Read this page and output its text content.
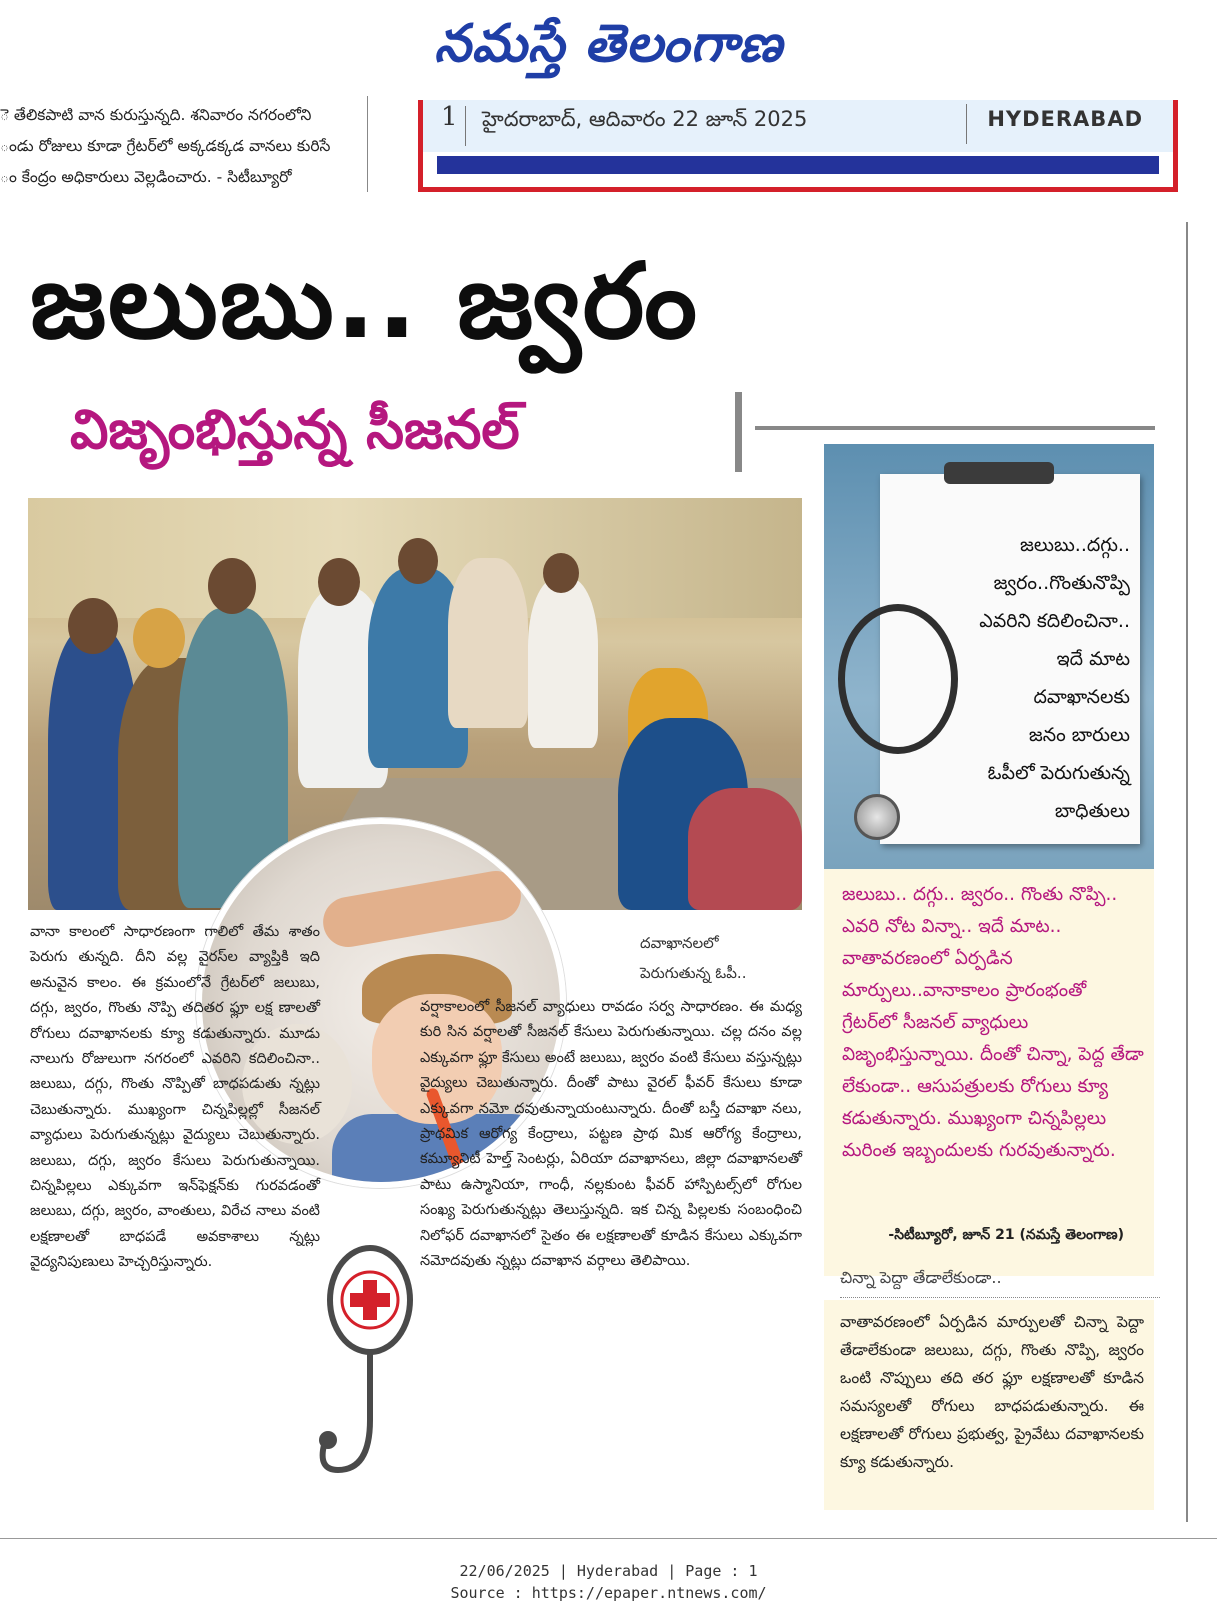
నమస్తే తెలంగాణ
ె తేలికపాటి వాన కురుస్తున్నది. శనివారం నగరంలోని
ండు రోజులు కూడా గ్రేటర్‌లో అక్కడక్కడ వానలు కురిసే
ం కేంద్రం అధికారులు వెల్లడించారు. - సిటీబ్యూరో
1	హైదరాబాద్, ఆదివారం 22 జూన్ 2025	HYDERABAD
జలుబు.. జ్వరం
విజృంభిస్తున్న సీజనల్
జలుబు..దగ్గు..
జ్వరం..గొంతునొప్పి
ఎవరిని కదిలించినా..
ఇదే మాట
దవాఖానలకు
జనం బారులు
ఓపీలో పెరుగుతున్న
బాధితులు

జలుబు.. దగ్గు.. జ్వరం.. గొంతు నొప్పి.. ఎవరి నోట విన్నా.. ఇదే మాట.. వాతావరణంలో ఏర్పడిన మార్పులు..వానాకాలం ప్రారంభంతో గ్రేటర్‌లో సీజనల్ వ్యాధులు విజృంభిస్తున్నాయి. దీంతో చిన్నా, పెద్ద తేడా లేకుండా.. ఆసుపత్రులకు రోగులు క్యూ కడుతున్నారు. ముఖ్యంగా చిన్నపిల్లలు మరింత ఇబ్బందులకు గురవుతున్నారు.

-సిటీబ్యూరో, జూన్ 21 (నమస్తే తెలంగాణ)
చిన్నా పెద్దా తేడాలేకుండా..

వాతావరణంలో ఏర్పడిన మార్పులతో చిన్నా పెద్దా తేడాలేకుండా జలుబు, దగ్గు, గొంతు నొప్పి, జ్వరం ఒంటి నొప్పులు తది తర ఫ్లూ లక్షణాలతో కూడిన సమస్యలతో రోగులు బాధపడుతున్నారు. ఈ లక్షణాలతో రోగులు ప్రభుత్వ, ప్రైవేటు దవాఖానలకు క్యూ కడుతున్నారు.

వానా కాలంలో సాధారణంగా గాలిలో తేమ శాతం పెరుగు తున్నది. దీని వల్ల వైరస్‌ల వ్యాప్తికి ఇది అనువైన కాలం. ఈ క్రమంలోనే గ్రేటర్‌లో జలుబు, దగ్గు, జ్వరం, గొంతు నొప్పి తదితర ఫ్లూ లక్ష ణాలతో రోగులు దవాఖానలకు క్యూ కడుతున్నారు. మూడు నాలుగు రోజులుగా నగరంలో ఎవరిని కదిలించినా.. జలుబు, దగ్గు, గొంతు నొప్పితో బాధపడుతు న్నట్లు చెబుతున్నారు. ముఖ్యంగా చిన్నపిల్లల్లో సీజనల్ వ్యాధులు పెరుగుతున్నట్లు వైద్యులు చెబుతున్నారు. జలుబు, దగ్గు, జ్వరం కేసులు పెరుగుతున్నాయి. చిన్నపిల్లలు ఎక్కువగా ఇన్‌ఫెక్షన్‌కు గురవడంతో జలుబు, దగ్గు, జ్వరం, వాంతులు, విరేచ నాలు వంటి లక్షణాలతో బాధపడే అవకాశాలు న్నట్లు వైద్యనిపుణులు హెచ్చరిస్తున్నారు.

దవాఖానలలో
పెరుగుతున్న ఓపీ..

వర్షాకాలంలో సీజనల్ వ్యాధులు రావడం సర్వ సాధారణం. ఈ మధ్య కురి సిన వర్షాలతో సీజనల్ కేసులు పెరుగుతున్నాయి. చల్ల దనం వల్ల ఎక్కువగా ఫ్లూ కేసులు అంటే జలుబు, జ్వరం వంటి కేసులు వస్తున్నట్లు వైద్యులు చెబుతున్నారు. దీంతో పాటు వైరల్ ఫీవర్ కేసులు కూడా ఎక్కువగా నమో దవుతున్నాయంటున్నారు. దీంతో బస్తీ దవాఖా నలు, ప్రాథమిక ఆరోగ్య కేంద్రాలు, పట్టణ ప్రాథ మిక ఆరోగ్య కేంద్రాలు, కమ్యూనిటీ హెల్త్ సెంటర్లు, ఏరియా దవాఖానలు, జిల్లా దవాఖానలతో పాటు ఉస్మానియా, గాంధీ, నల్లకుంట ఫీవర్ హాస్పిటల్స్‌లో రోగుల సంఖ్య పెరుగుతున్నట్లు తెలుస్తున్నది. ఇక చిన్న పిల్లలకు సంబంధించి నిలోఫర్ దవాఖానలో సైతం ఈ లక్షణాలతో కూడిన కేసులు ఎక్కువగా నమోదవుతు న్నట్లు దవాఖాన వర్గాలు తెలిపాయి.

22/06/2025 | Hyderabad | Page : 1
Source : https://epaper.ntnews.com/
